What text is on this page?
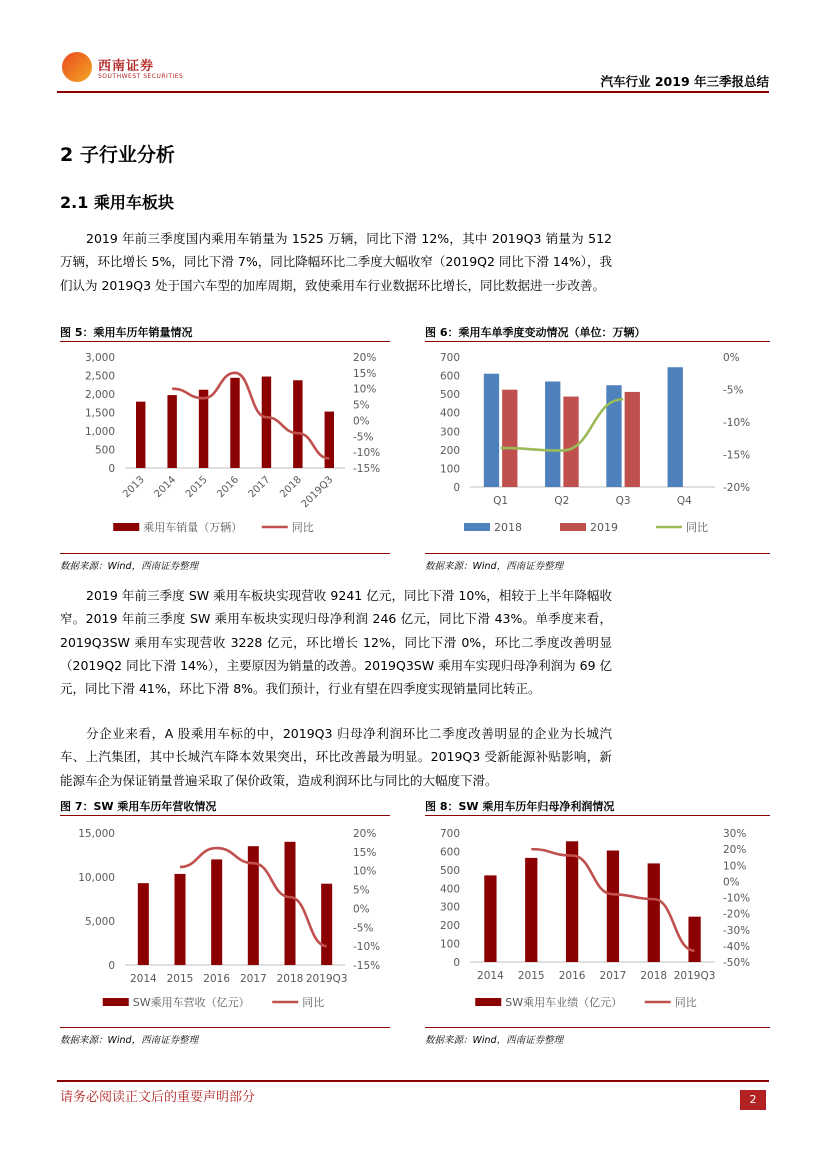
西南证券
SOUTHWEST SECURITIES	汽车行业 2019 年三季报总结
2 子行业分析
2.1 乘用车板块

2019 年前三季度国内乘用车销量为 1525 万辆，同比下滑 12%，其中 2019Q3 销量为 512 万辆，环比增长 5%，同比下滑 7%，同比降幅环比二季度大幅收窄（2019Q2 同比下滑 14%），我们认为 2019Q3 处于国六车型的加库周期，致使乘用车行业数据环比增长，同比数据进一步改善。

图 5：乘用车历年销量情况	图 6：乘用车单季度变动情况（单位：万辆）
0
500
1,000
1,500
2,000
2,500
3,000
-15%
-10%
-5%
0%
5%
10%
15%
20%
2013 2014 2015 2016 2017 2018
2019Q3
乘用车销量（万辆）	同比
0
100
200
300
400
500
600
700
-20%
-15%
-10%
-5%
0%
Q1	Q2	Q3	Q4
2018	2019	同比
数据来源：Wind，西南证券整理	数据来源：Wind，西南证券整理

2019 年前三季度 SW 乘用车板块实现营收 9241 亿元，同比下滑 10%，相较于上半年降幅收窄。2019 年前三季度 SW 乘用车板块实现归母净利润 246 亿元，同比下滑 43%。单季度来看，2019Q3SW 乘用车实现营收 3228 亿元，环比增长 12%，同比下滑 0%，环比二季度改善明显（2019Q2 同比下滑 14%），主要原因为销量的改善。2019Q3SW 乘用车实现归母净利润为 69 亿元，同比下滑 41%，环比下滑 8%。我们预计，行业有望在四季度实现销量同比转正。

分企业来看，A 股乘用车标的中，2019Q3 归母净利润环比二季度改善明显的企业为长城汽车、上汽集团，其中长城汽车降本效果突出，环比改善最为明显。2019Q3 受新能源补贴影响，新能源车企为保证销量普遍采取了保价政策，造成利润环比与同比的大幅度下滑。

图 7：SW 乘用车历年营收情况	图 8：SW 乘用车历年归母净利润情况
0
5,000
10,000
15,000
-15%
-10%
-5%
0%
5%
10%
15%
20%
2014 2015 2016 2017 2018 2019Q3
SW乘用车营收（亿元）	同比
0
100
200
300
400
500
600
700
-50%
-40%
-30%
-20%
-10%
0%
10%
20%
30%
2014 2015 2016 2017 2018 2019Q3
SW乘用车业绩（亿元）	同比
数据来源：Wind，西南证券整理	数据来源：Wind，西南证券整理
请务必阅读正文后的重要声明部分	2
